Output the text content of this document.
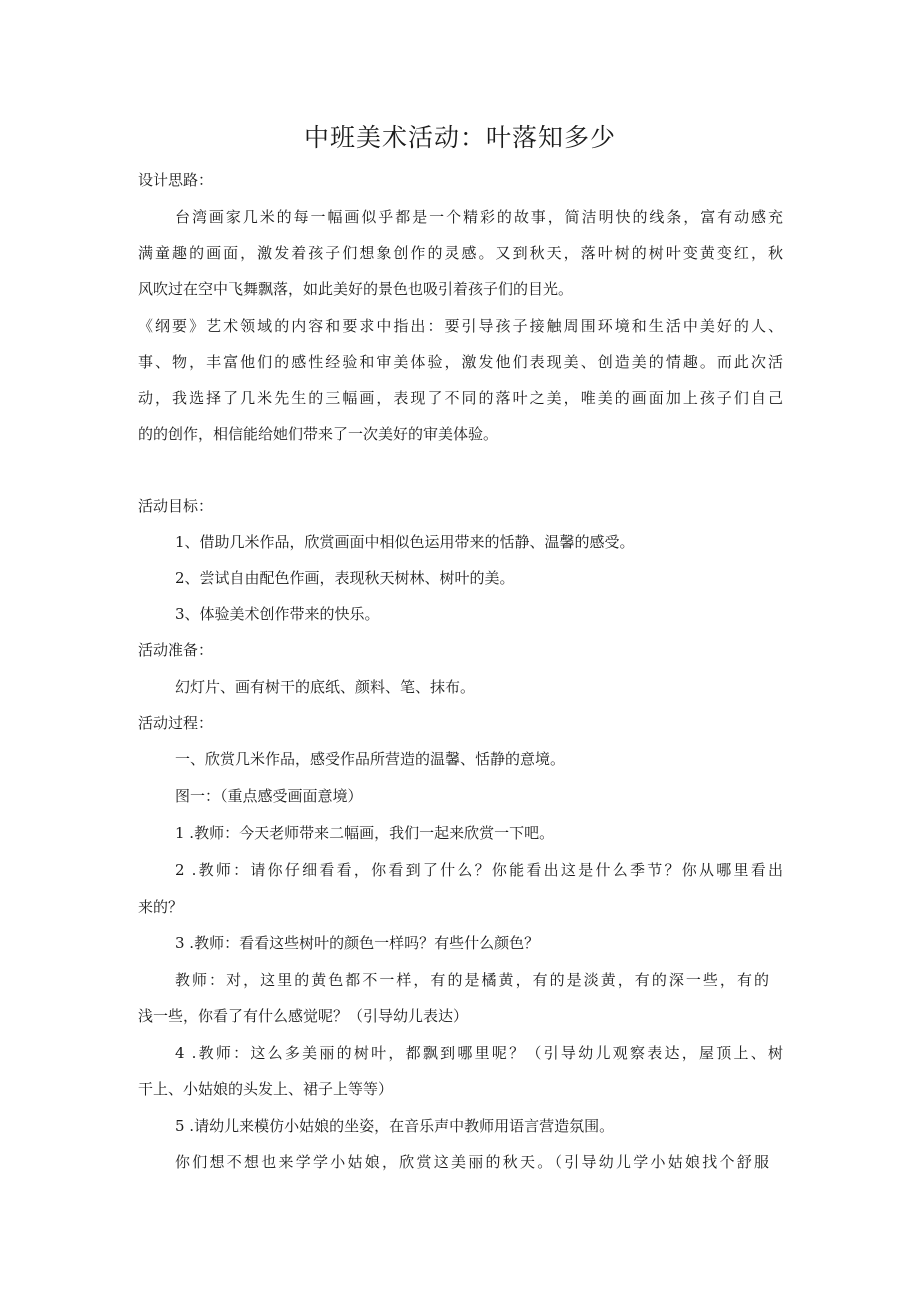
中班美术活动：叶落知多少
设计思路：
台湾画家几米的每一幅画似乎都是一个精彩的故事，简洁明快的线条，富有动感充
满童趣的画面，激发着孩子们想象创作的灵感。又到秋天，落叶树的树叶变黄变红，秋
风吹过在空中飞舞飘落，如此美好的景色也吸引着孩子们的目光。
《纲要》艺术领域的内容和要求中指出：要引导孩子接触周围环境和生活中美好的人、
事、物，丰富他们的感性经验和审美体验，激发他们表现美、创造美的情趣。而此次活
动，我选择了几米先生的三幅画，表现了不同的落叶之美，唯美的画面加上孩子们自己
的的创作，相信能给她们带来了一次美好的审美体验。
活动目标：
1、借助几米作品，欣赏画面中相似色运用带来的恬静、温馨的感受。
2、尝试自由配色作画，表现秋天树林、树叶的美。
3、体验美术创作带来的快乐。
活动准备：
幻灯片、画有树干的底纸、颜料、笔、抹布。
活动过程：
一、欣赏几米作品，感受作品所营造的温馨、恬静的意境。
图一：（重点感受画面意境）
1 .教师：今天老师带来二幅画，我们一起来欣赏一下吧。
2 .教师：请你仔细看看，你看到了什么？你能看出这是什么季节？你从哪里看出
来的？
3 .教师：看看这些树叶的颜色一样吗？有些什么颜色？
教师：对，这里的黄色都不一样，有的是橘黄，有的是淡黄，有的深一些，有的
浅一些，你看了有什么感觉呢？（引导幼儿表达）
4 .教师：这么多美丽的树叶，都飘到哪里呢？（引导幼儿观察表达，屋顶上、树
干上、小姑娘的头发上、裙子上等等）
5 .请幼儿来模仿小姑娘的坐姿，在音乐声中教师用语言营造氛围。
你们想不想也来学学小姑娘，欣赏这美丽的秋天。（引导幼儿学小姑娘找个舒服
